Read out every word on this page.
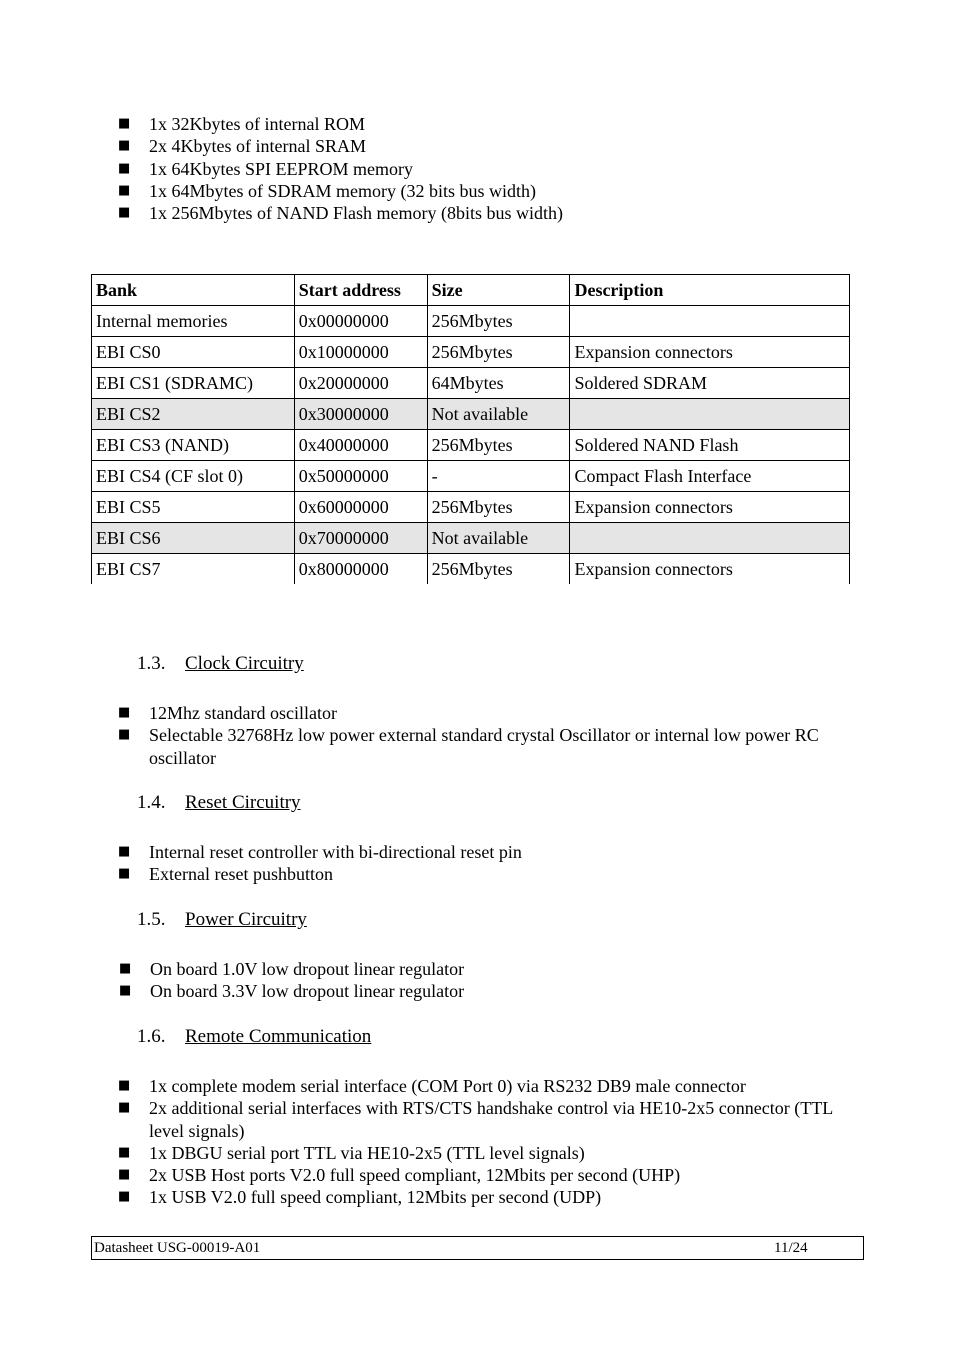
■ 1x 32Kbytes of internal ROM
■ 2x 4Kbytes of internal SRAM
■ 1x 64Kbytes SPI EEPROM memory
■ 1x 64Mbytes of SDRAM memory (32 bits bus width)
■ 1x 256Mbytes of NAND Flash memory (8bits bus width)
Bank	Start address	Size	Description
Internal memories	0x00000000	256Mbytes	
EBI CS0	0x10000000	256Mbytes	Expansion connectors
EBI CS1 (SDRAMC)	0x20000000	64Mbytes	Soldered SDRAM
EBI CS2	0x30000000	Not available	
EBI CS3 (NAND)	0x40000000	256Mbytes	Soldered NAND Flash
EBI CS4 (CF slot 0)	0x50000000	-	Compact Flash Interface
EBI CS5	0x60000000	256Mbytes	Expansion connectors
EBI CS6	0x70000000	Not available	
EBI CS7	0x80000000	256Mbytes	Expansion connectors
1.3. Clock Circuitry
■ 12Mhz standard oscillator
■ Selectable 32768Hz low power external standard crystal Oscillator or internal low power RC oscillator
1.4. Reset Circuitry
■ Internal reset controller with bi-directional reset pin
■ External reset pushbutton
1.5. Power Circuitry
■ On board 1.0V low dropout linear regulator
■ On board 3.3V low dropout linear regulator
1.6. Remote Communication
■ 1x complete modem serial interface (COM Port 0) via RS232 DB9 male connector
■ 2x additional serial interfaces with RTS/CTS handshake control via HE10-2x5 connector (TTL level signals)
■ 1x DBGU serial port TTL via HE10-2x5 (TTL level signals)
■ 2x USB Host ports V2.0 full speed compliant, 12Mbits per second (UHP)
■ 1x USB V2.0 full speed compliant, 12Mbits per second (UDP)
Datasheet USG-00019-A01	11/24
